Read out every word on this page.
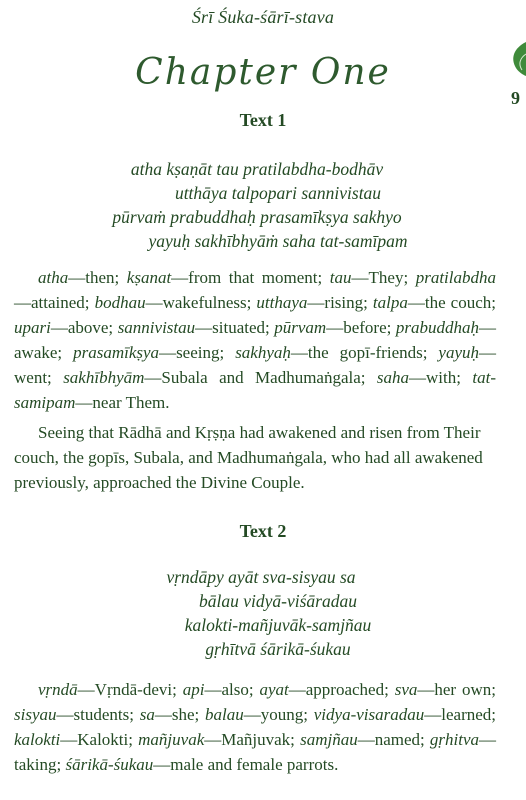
Śrī Śuka-śārī-stava
Chapter One
9
Text 1
atha kṣaṇāt tau pratilabdha-bodhāv
utthāya talpopari sannivistau
pūrvaṁ prabuddhaḥ prasamīkṣya sakhyo
yayuḥ sakhībhyāṁ saha tat-samīpam
atha—then; kṣanat—from that moment; tau—They; pratilabdha—attained; bodhau—wakefulness; utthaya—rising; talpa—the couch; upari—above; sannivistau—situated; pūrvam—before; prabuddhaḥ—awake; prasamīkṣya—seeing; sakhyaḥ—the gopī-friends; yayuḥ—went; sakhībhyām—Subala and Madhumaṅgala; saha—with; tat-samipam—near Them.
Seeing that Rādhā and Kṛṣṇa had awakened and risen from Their couch, the gopīs, Subala, and Madhumaṅgala, who had all awakened previously, approached the Divine Couple.
Text 2
vṛndāpy ayāt sva-sisyau sa
bālau vidyā-viśāradau
kalokti-mañjuvāk-samjñau
gṛhītvā śārikā-śukau
vṛndā—Vṛndā-devi; api—also; ayat—approached; sva—her own; sisyau—students; sa—she; balau—young; vidya-visaradau—learned; kalokti—Kalokti; mañjuvak—Mañjuvak; samjñau—named; gṛhitva—taking; śārikā-śukau—male and female parrots.
